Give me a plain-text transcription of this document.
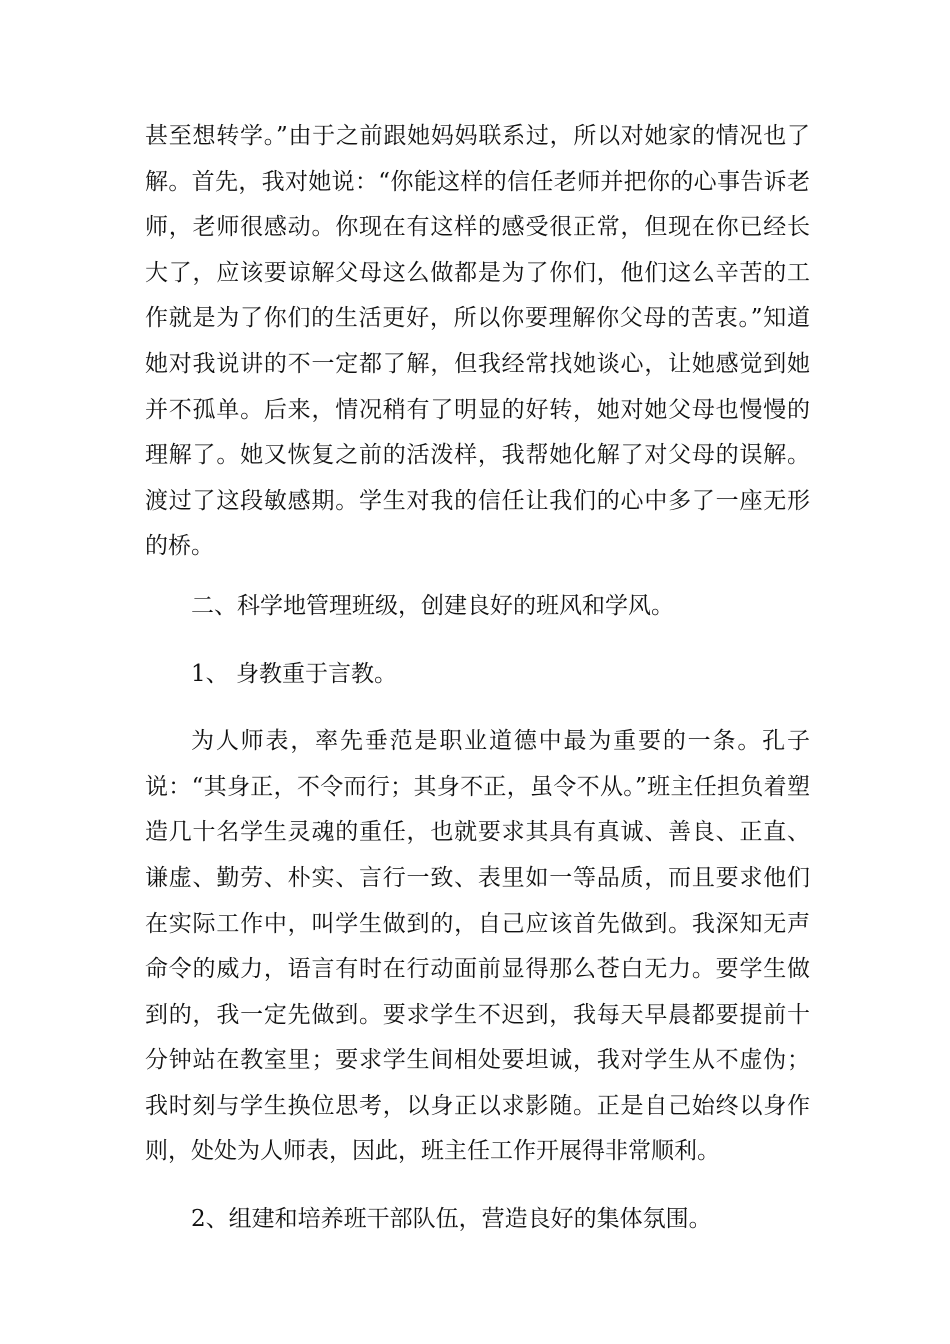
甚至想转学。”由于之前跟她妈妈联系过，所以对她家的情况也了解。首先，我对她说：“你能这样的信任老师并把你的心事告诉老师，老师很感动。你现在有这样的感受很正常，但现在你已经长大了，应该要谅解父母这么做都是为了你们，他们这么辛苦的工作就是为了你们的生活更好，所以你要理解你父母的苦衷。”知道她对我说讲的不一定都了解，但我经常找她谈心，让她感觉到她并不孤单。后来，情况稍有了明显的好转，她对她父母也慢慢的理解了。她又恢复之前的活泼样，我帮她化解了对父母的误解。渡过了这段敏感期。学生对我的信任让我们的心中多了一座无形的桥。

二、科学地管理班级，创建良好的班风和学风。

1、 身教重于言教。

为人师表，率先垂范是职业道德中最为重要的一条。孔子说：“其身正，不令而行；其身不正，虽令不从。”班主任担负着塑造几十名学生灵魂的重任，也就要求其具有真诚、善良、正直、谦虚、勤劳、朴实、言行一致、表里如一等品质，而且要求他们在实际工作中，叫学生做到的，自己应该首先做到。我深知无声命令的威力，语言有时在行动面前显得那么苍白无力。要学生做到的，我一定先做到。要求学生不迟到，我每天早晨都要提前十分钟站在教室里；要求学生间相处要坦诚，我对学生从不虚伪；我时刻与学生换位思考，以身正以求影随。正是自己始终以身作则，处处为人师表，因此，班主任工作开展得非常顺利。

2、组建和培养班干部队伍，营造良好的集体氛围。
